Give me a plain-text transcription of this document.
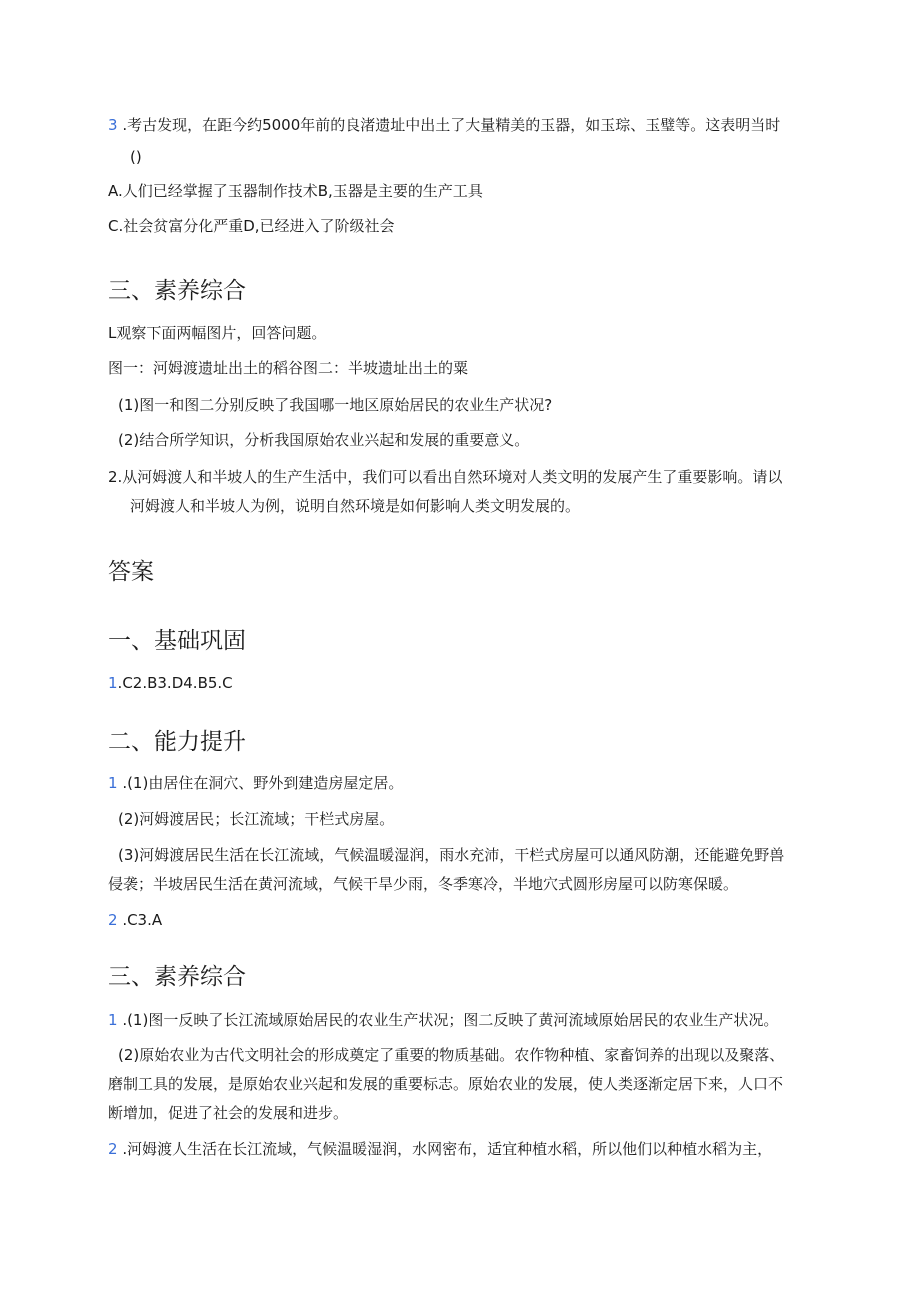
3 .考古发现，在距今约5000年前的良渚遗址中出土了大量精美的玉器，如玉琮、玉璧等。这表明当时
()
A.人们已经掌握了玉器制作技术B,玉器是主要的生产工具
C.社会贫富分化严重D,已经进入了阶级社会
三、素养综合
L观察下面两幅图片，回答问题。
图一：河姆渡遗址出土的稻谷图二：半坡遗址出土的粟
(1)图一和图二分别反映了我国哪一地区原始居民的农业生产状况?
(2)结合所学知识，分析我国原始农业兴起和发展的重要意义。
2.从河姆渡人和半坡人的生产生活中，我们可以看出自然环境对人类文明的发展产生了重要影响。请以
河姆渡人和半坡人为例，说明自然环境是如何影响人类文明发展的。
答案
一、基础巩固
1.C2.B3.D4.B5.C
二、能力提升
1 .(1)由居住在洞穴、野外到建造房屋定居。
(2)河姆渡居民；长江流域；干栏式房屋。
(3)河姆渡居民生活在长江流域，气候温暖湿润，雨水充沛，干栏式房屋可以通风防潮，还能避免野兽
侵袭；半坡居民生活在黄河流域，气候干旱少雨，冬季寒冷，半地穴式圆形房屋可以防寒保暖。
2 .C3.A
三、素养综合
1 .(1)图一反映了长江流域原始居民的农业生产状况；图二反映了黄河流域原始居民的农业生产状况。
(2)原始农业为古代文明社会的形成奠定了重要的物质基础。农作物种植、家畜饲养的出现以及聚落、
磨制工具的发展，是原始农业兴起和发展的重要标志。原始农业的发展，使人类逐渐定居下来，人口不
断增加，促进了社会的发展和进步。
2 .河姆渡人生活在长江流域，气候温暖湿润，水网密布，适宜种植水稻，所以他们以种植水稻为主，
